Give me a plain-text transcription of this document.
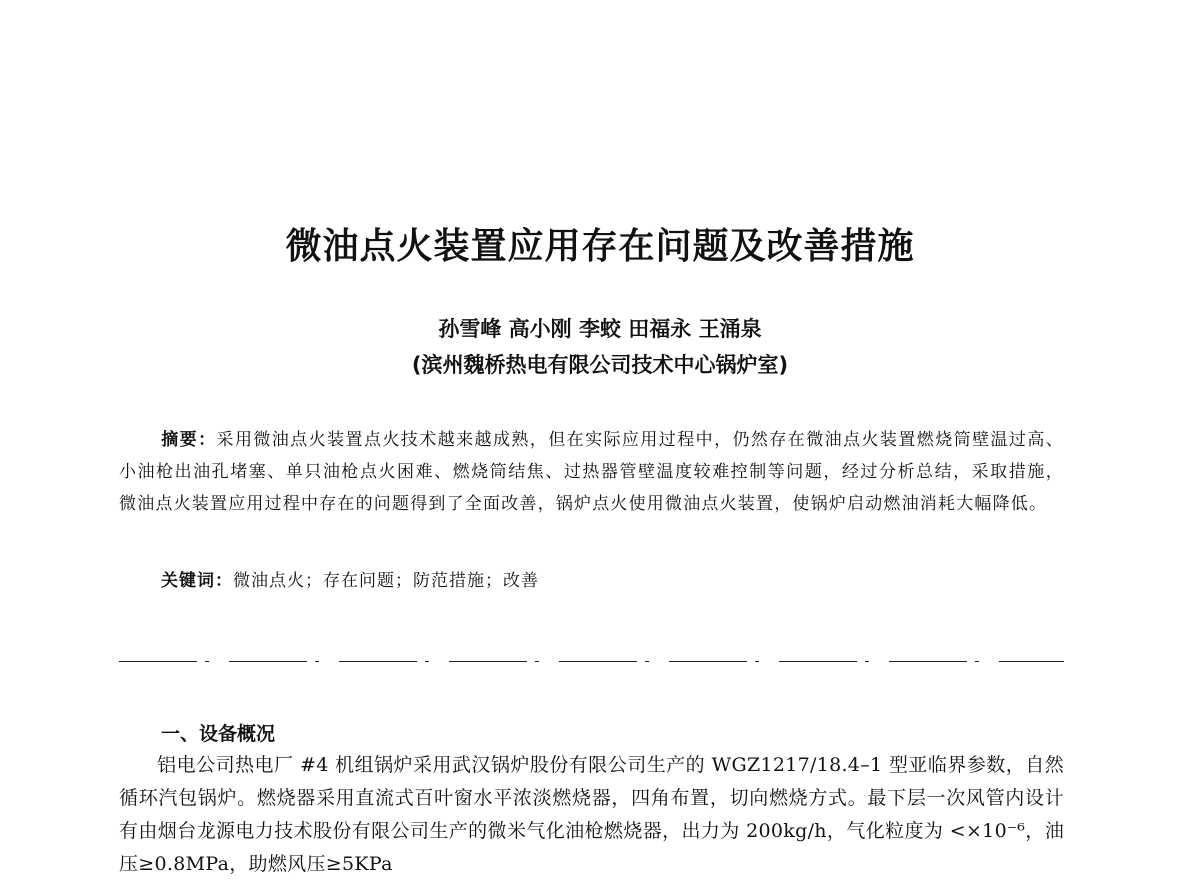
微油点火装置应用存在问题及改善措施
孙雪峰 高小刚 李蛟 田福永 王涌泉
(滨州魏桥热电有限公司技术中心锅炉室)

摘要：采用微油点火装置点火技术越来越成熟，但在实际应用过程中，仍然存在微油点火装置燃烧筒壁温过高、小油枪出油孔堵塞、单只油枪点火困难、燃烧筒结焦、过热器管壁温度较难控制等问题，经过分析总结，采取措施，微油点火装置应用过程中存在的问题得到了全面改善，锅炉点火使用微油点火装置，使锅炉启动燃油消耗大幅降低。

关键词：微油点火；存在问题；防范措施；改善
一、设备概况

铝电公司热电厂 #4 机组锅炉采用武汉锅炉股份有限公司生产的 WGZ1217/18.4–1 型亚临界参数，自然循环汽包锅炉。燃烧器采用直流式百叶窗水平浓淡燃烧器，四角布置，切向燃烧方式。最下层一次风管内设计有由烟台龙源电力技术股份有限公司生产的微米气化油枪燃烧器，出力为 200kg/h，气化粒度为 <×10⁻⁶，油压≥0.8MPa，助燃风压≥5KPa
